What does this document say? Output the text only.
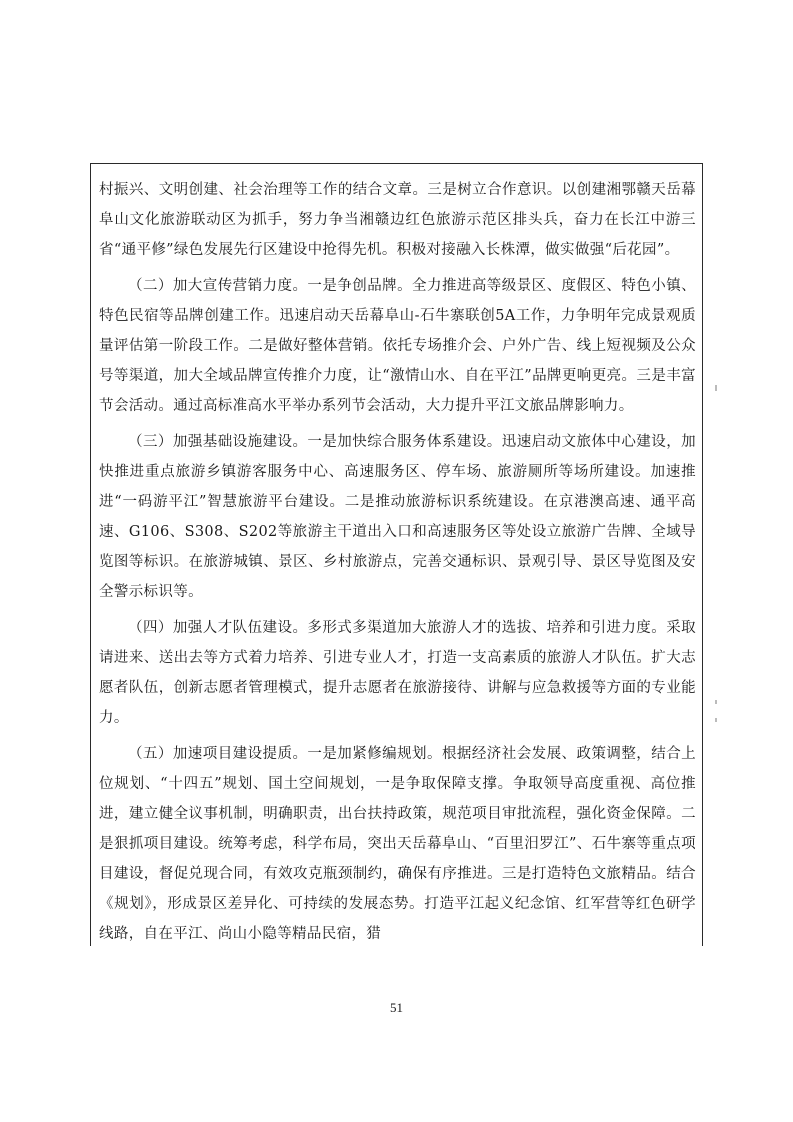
村振兴、文明创建、社会治理等工作的结合文章。三是树立合作意识。以创建湘鄂赣天岳幕阜山文化旅游联动区为抓手，努力争当湘赣边红色旅游示范区排头兵，奋力在长江中游三省“通平修”绿色发展先行区建设中抢得先机。积极对接融入长株潭，做实做强“后花园”。

（二）加大宣传营销力度。一是争创品牌。全力推进高等级景区、度假区、特色小镇、特色民宿等品牌创建工作。迅速启动天岳幕阜山-石牛寨联创5A工作，力争明年完成景观质量评估第一阶段工作。二是做好整体营销。依托专场推介会、户外广告、线上短视频及公众号等渠道，加大全域品牌宣传推介力度，让“激情山水、自在平江”品牌更响更亮。三是丰富节会活动。通过高标准高水平举办系列节会活动，大力提升平江文旅品牌影响力。

（三）加强基础设施建设。一是加快综合服务体系建设。迅速启动文旅体中心建设，加快推进重点旅游乡镇游客服务中心、高速服务区、停车场、旅游厕所等场所建设。加速推进“一码游平江”智慧旅游平台建设。二是推动旅游标识系统建设。在京港澳高速、通平高速、G106、S308、S202等旅游主干道出入口和高速服务区等处设立旅游广告牌、全域导览图等标识。在旅游城镇、景区、乡村旅游点，完善交通标识、景观引导、景区导览图及安全警示标识等。

（四）加强人才队伍建设。多形式多渠道加大旅游人才的选拔、培养和引进力度。采取请进来、送出去等方式着力培养、引进专业人才，打造一支高素质的旅游人才队伍。扩大志愿者队伍，创新志愿者管理模式，提升志愿者在旅游接待、讲解与应急救援等方面的专业能力。

（五）加速项目建设提质。一是加紧修编规划。根据经济社会发展、政策调整，结合上位规划、“十四五”规划、国土空间规划，一是争取保障支撑。争取领导高度重视、高位推进，建立健全议事机制，明确职责，出台扶持政策，规范项目审批流程，强化资金保障。二是狠抓项目建设。统筹考虑，科学布局，突出天岳幕阜山、“百里汨罗江”、石牛寨等重点项目建设，督促兑现合同，有效攻克瓶颈制约，确保有序推进。三是打造特色文旅精品。结合《规划》，形成景区差异化、可持续的发展态势。打造平江起义纪念馆、红军营等红色研学线路，自在平江、尚山小隐等精品民宿，猎

51
